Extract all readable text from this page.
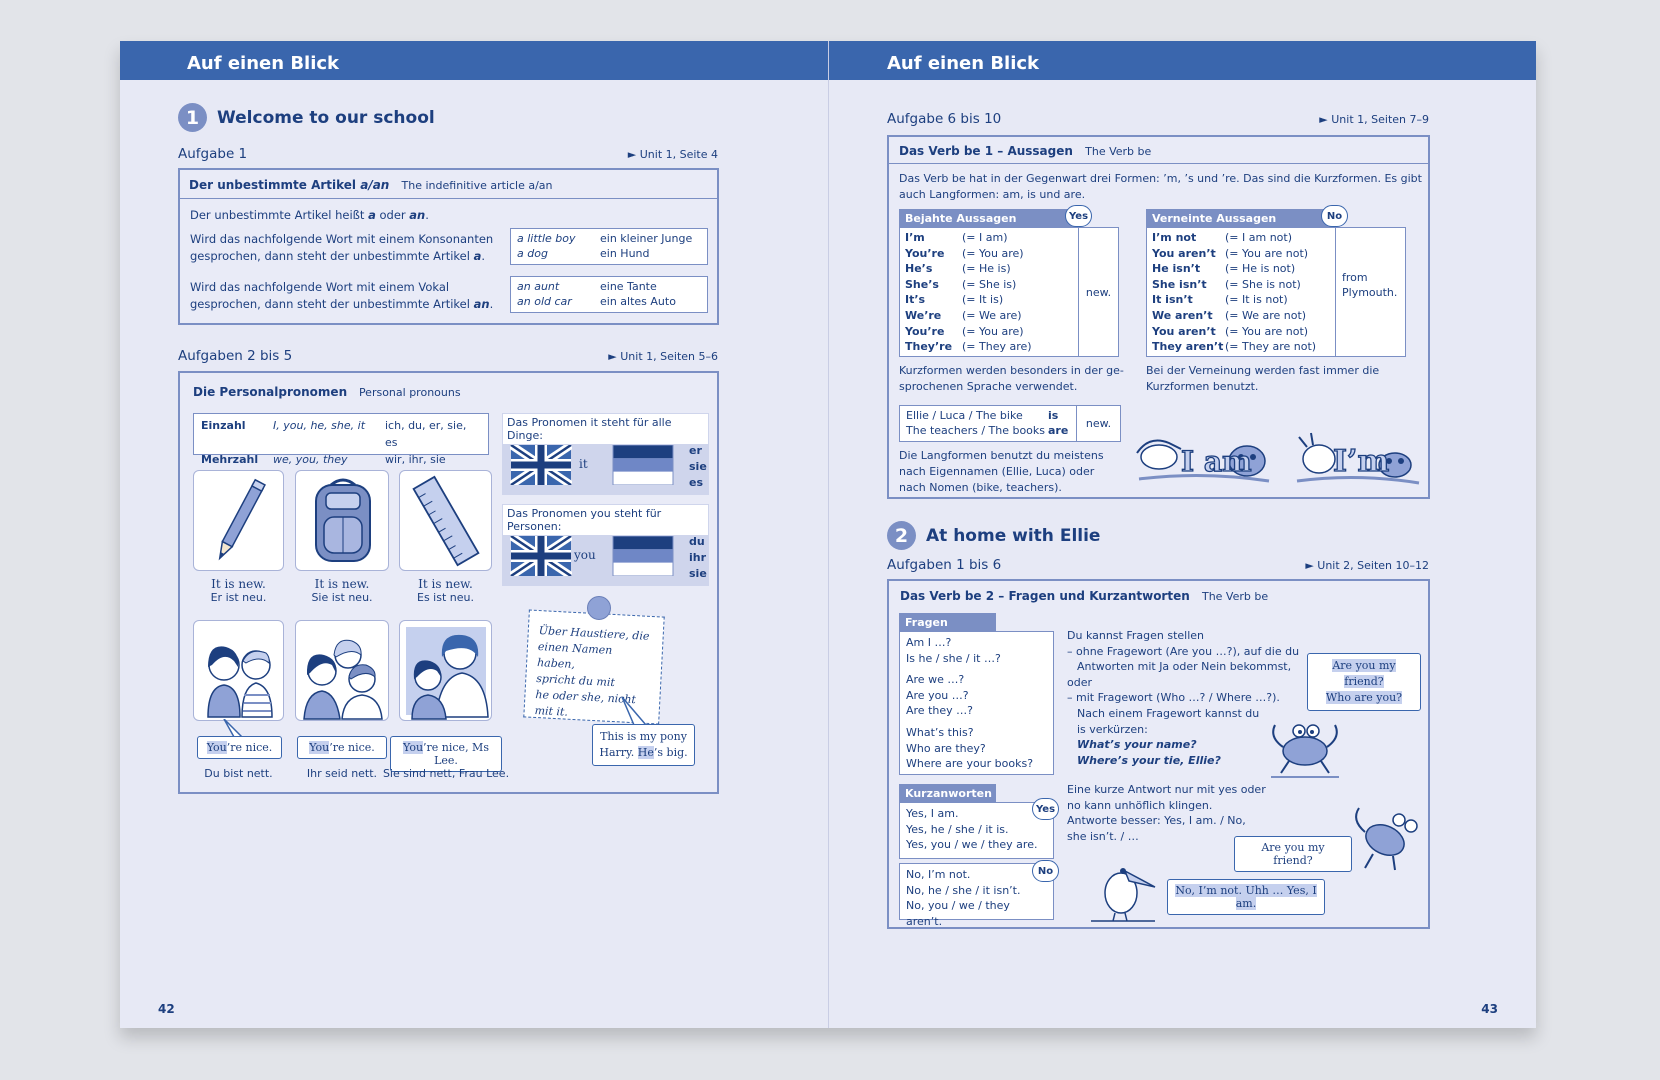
Auf einen Blick
1	Welcome to our school
Aufgabe 1	► Unit 1, Seite 4
Der unbestimmte Artikel a/an The indefinitive article a/an
Der unbestimmte Artikel heißt a oder an.
Wird das nachfolgende Wort mit einem Konsonanten
gesprochen, dann steht der unbestimmte Artikel a.
a little boy	ein kleiner Junge
a dog	ein Hund
Wird das nachfolgende Wort mit einem Vokal
gesprochen, dann steht der unbestimmte Artikel an.
an aunt	eine Tante
an old car	ein altes Auto
Aufgaben 2 bis 5	► Unit 1, Seiten 5–6
Die Personalpronomen Personal pronouns
Einzahl	I, you, he, she, it	ich, du, er, sie, es
Mehrzahl	we, you, they	wir, ihr, sie
Das Pronomen it steht für alle Dinge:
it
er
sie
es
Das Pronomen you steht für Personen:
you
du
ihr
sie
It is new.
Er ist neu.
It is new.
Sie ist neu.
It is new.
Es ist neu.
You’re nice.
Du bist nett.
You’re nice.
Ihr seid nett.
You’re nice, Ms Lee.
Sie sind nett, Frau Lee.
Über Haustiere, die
einen Namen haben,
spricht du mit
he oder she, nicht
mit it.
This is my pony
Harry. He’s big.
42
Auf einen Blick
Aufgabe 6 bis 10	► Unit 1, Seiten 7–9
Das Verb be 1 – Aussagen The Verb be
Das Verb be hat in der Gegenwart drei Formen: ’m, ’s und ’re. Das sind die Kurzformen. Es gibt
auch Langformen: am, is und are.
Bejahte Aussagen	Yes
I’m	(= I am)
You’re	(= You are)
He’s	(= He is)
She’s	(= She is)
It’s	(= It is)
We’re	(= We are)
You’re	(= You are)
They’re (= They are)
new.
Verneinte Aussagen	No
I’m not	(= I am not)
You aren’t (= You are not)
He isn’t	(= He is not)
She isn’t	(= She is not)
It isn’t	(= It is not)
We aren’t	(= We are not)
You aren’t (= You are not)
They aren’t (= They are not)
from Plymouth.
Kurzformen werden besonders in der gesprochenen Sprache verwendet.
Bei der Verneinung werden fast immer die Kurzformen benutzt.
Ellie / Luca / The bike	is
The teachers / The books are
new.
Die Langformen benutzt du meistens nach Eigennamen (Ellie, Luca) oder nach Nomen (bike, teachers).
I am	I’m
2	At home with Ellie
Aufgaben 1 bis 6	► Unit 2, Seiten 10–12
Das Verb be 2 – Fragen und Kurzantworten The Verb be
Fragen
Am I …?
Is he / she / it …?
Are we …?
Are you …?
Are they …?
What’s this?
Who are they?
Where are your books?
Kurzanworten
Yes, I am.
Yes, he / she / it is.
Yes, you / we / they are.
Yes
No, I’m not.
No, he / she / it isn’t.
No, you / we / they aren’t.
No
Du kannst Fragen stellen
– ohne Fragewort (Are you …?), auf die du
Antworten mit Ja oder Nein bekommst,
oder
– mit Fragewort (Who …? / Where …?).
Nach einem Fragewort kannst du
is verkürzen:
What’s your name?
Where’s your tie, Ellie?
Eine kurze Antwort nur mit yes oder
no kann unhöflich klingen.
Antworte besser: Yes, I am. / No,
she isn’t. / …
Are you my friend?
Who are you?
Are you my friend?
No, I’m not. Uhh … Yes, I am.
43
